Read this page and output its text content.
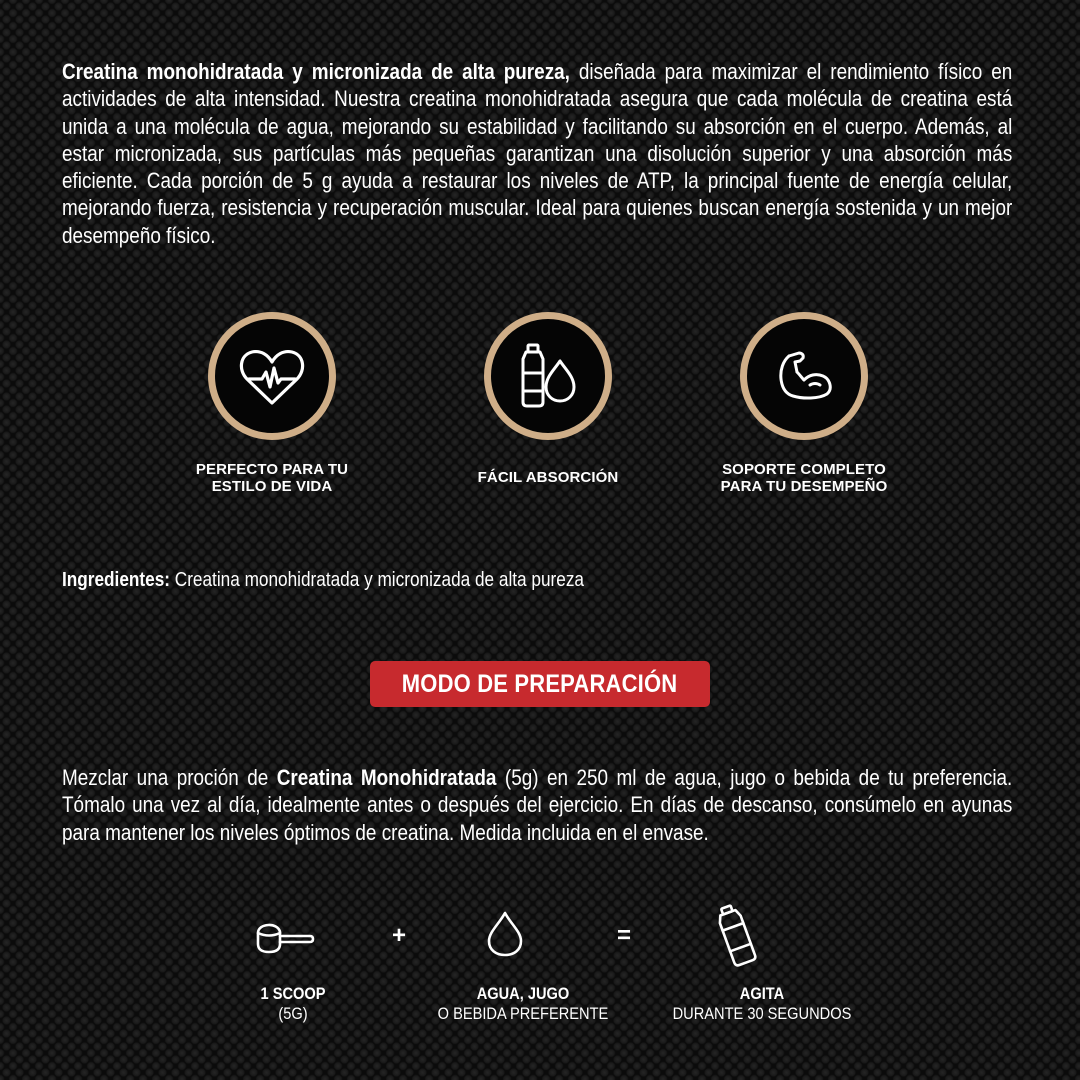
Creatina monohidratada y micronizada de alta pureza, diseñada para maximizar el rendimiento físico en actividades de alta intensidad. Nuestra creatina monohidratada asegura que cada molécula de creatina está unida a una molécula de agua, mejorando su estabilidad y facilitando su absorción en el cuerpo. Además, al estar micronizada, sus partículas más pequeñas garantizan una disolución superior y una absorción más eficiente. Cada porción de 5 g ayuda a restaurar los niveles de ATP, la principal fuente de energía celular, mejorando fuerza, resistencia y recuperación muscular. Ideal para quienes buscan energía sostenida y un mejor desempeño físico.
PERFECTO PARA TU
ESTILO DE VIDA
FÁCIL ABSORCIÓN	SOPORTE COMPLETO
PARA TU DESEMPEÑO
Ingredientes: Creatina monohidratada y micronizada de alta pureza
MODO DE PREPARACIÓN
Mezclar una proción de Creatina Monohidratada (5g) en 250 ml de agua, jugo o bebida de tu preferencia. Tómalo una vez al día, idealmente antes o después del ejercicio. En días de descanso, consúmelo en ayunas para mantener los niveles óptimos de creatina. Medida incluida en el envase.
+	=
1 SCOOP
(5G)
AGUA, JUGO
O BEBIDA PREFERENTE
AGITA
DURANTE 30 SEGUNDOS
